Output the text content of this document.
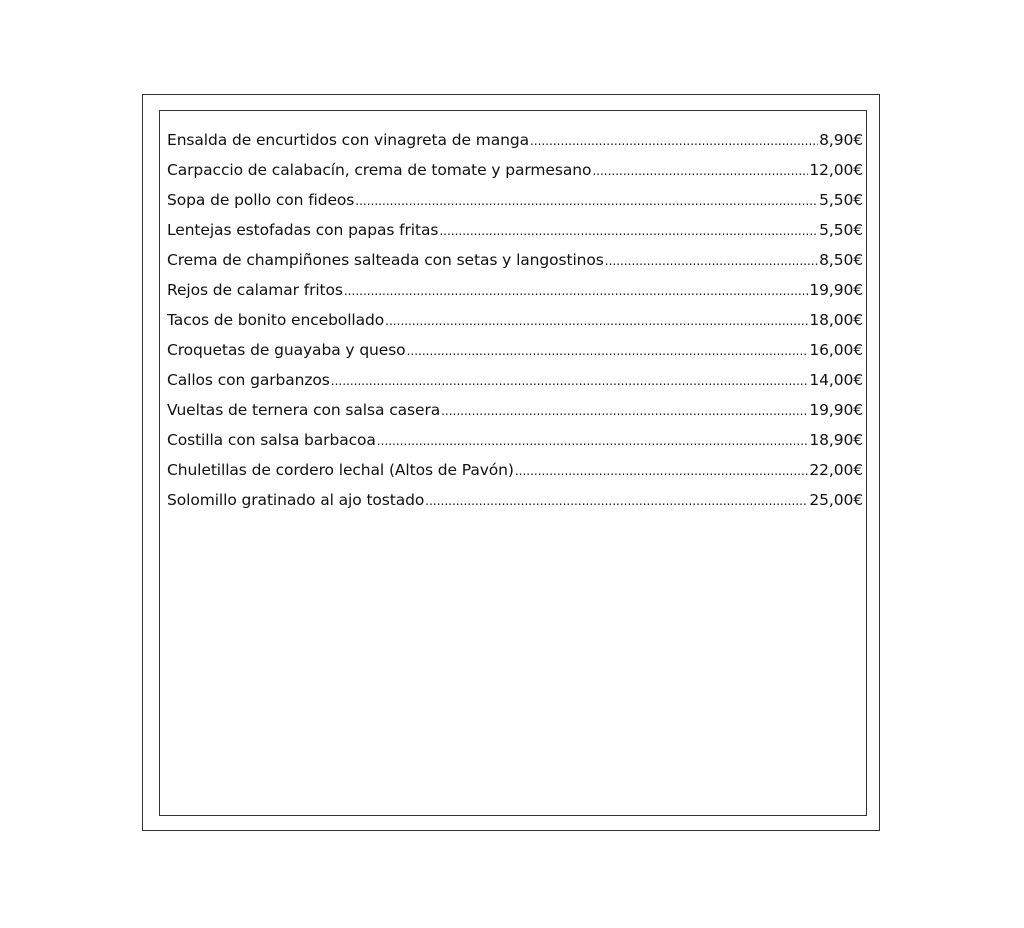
Ensalda de encurtidos con vinagreta de manga .....	8,90€
Carpaccio de calabacín, crema de tomate y parmesano .....	12,00€
Sopa de pollo con fideos .....	5,50€
Lentejas estofadas con papas fritas .....	5,50€
Crema de champiñones salteada con setas y langostinos .....	8,50€
Rejos de calamar fritos .....	19,90€
Tacos de bonito encebollado .....	18,00€
Croquetas de guayaba y queso .....	16,00€
Callos con garbanzos .....	14,00€
Vueltas de ternera con salsa casera .....	19,90€
Costilla con salsa barbacoa .....	18,90€
Chuletillas de cordero lechal (Altos de Pavón) .....	22,00€
Solomillo gratinado al ajo tostado .....	25,00€
